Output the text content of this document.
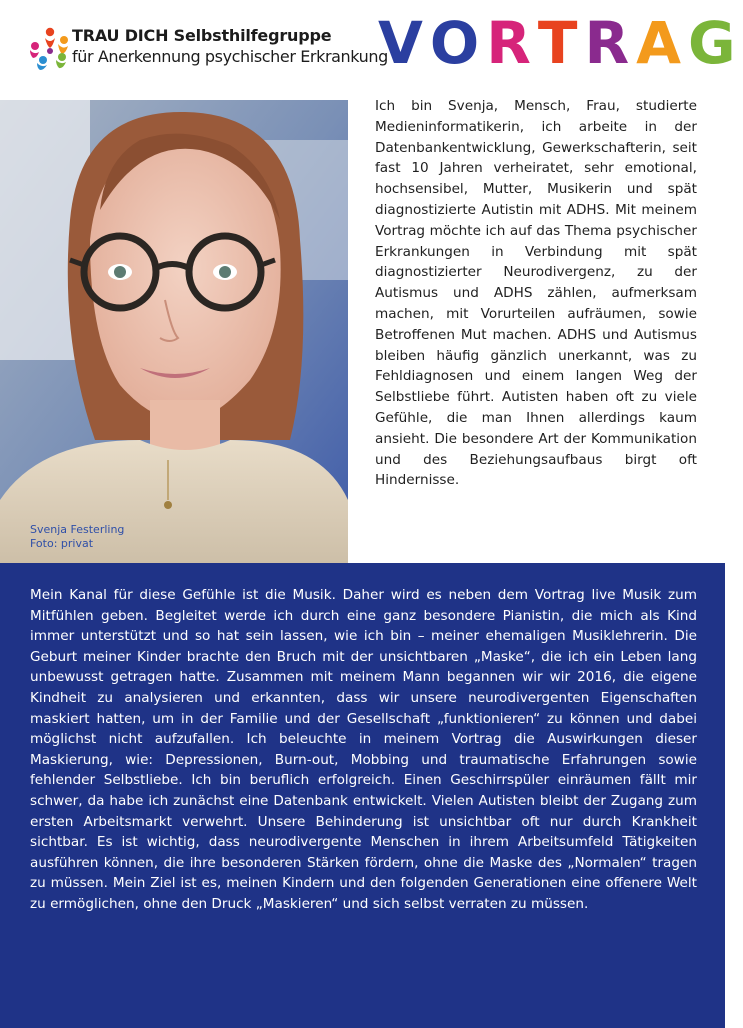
TRAU DICH Selbsthilfegruppe
für Anerkennung psychischer Erkrankung
VORTRAG
Svenja Festerling
Foto: privat
Ich bin Svenja, Mensch, Frau, studierte Medieninformatikerin, ich arbeite in der Datenbankentwicklung, Gewerkschafterin, seit fast 10 Jahren verheiratet, sehr emotional, hochsensibel, Mutter, Musikerin und spät diagnostizierte Autistin mit ADHS. Mit meinem Vortrag möchte ich auf das Thema psychischer Erkrankungen in Verbindung mit spät diagnostizierter Neurodivergenz, zu der Autismus und ADHS zählen, aufmerksam machen, mit Vorurteilen aufräumen, sowie Betroffenen Mut machen. ADHS und Autismus bleiben häufig gänzlich unerkannt, was zu Fehldiagnosen und einem langen Weg der Selbstliebe führt. Autisten haben oft zu viele Gefühle, die man Ihnen allerdings kaum ansieht. Die besondere Art der Kommunikation und des Beziehungsaufbaus birgt oft Hindernisse.
Mein Kanal für diese Gefühle ist die Musik. Daher wird es neben dem Vortrag live Musik zum Mitfühlen geben. Begleitet werde ich durch eine ganz besondere Pianistin, die mich als Kind immer unterstützt und so hat sein lassen, wie ich bin – meiner ehemaligen Musiklehrerin. Die Geburt meiner Kinder brachte den Bruch mit der unsichtbaren „Maske“, die ich ein Leben lang unbewusst getragen hatte. Zusammen mit meinem Mann begannen wir wir 2016, die eigene Kindheit zu analysieren und erkannten, dass wir unsere neurodivergenten Eigenschaften maskiert hatten, um in der Familie und der Gesellschaft „funktionieren“ zu können und dabei möglichst nicht aufzufallen. Ich beleuchte in meinem Vortrag die Auswirkungen dieser Maskierung, wie: Depressionen, Burn-out, Mobbing und traumatische Erfahrungen sowie fehlender Selbstliebe. Ich bin beruflich erfolgreich. Einen Geschirrspüler einräumen fällt mir schwer, da habe ich zunächst eine Datenbank entwickelt. Vielen Autisten bleibt der Zugang zum ersten Arbeitsmarkt verwehrt. Unsere Behinderung ist unsichtbar oft nur durch Krankheit sichtbar. Es ist wichtig, dass neurodivergente Menschen in ihrem Arbeitsumfeld Tätigkeiten ausführen können, die ihre besonderen Stärken fördern, ohne die Maske des „Normalen“ tragen zu müssen. Mein Ziel ist es, meinen Kindern und den folgenden Generationen eine offenere Welt zu ermöglichen, ohne den Druck „Maskieren“ und sich selbst verraten zu müssen.
